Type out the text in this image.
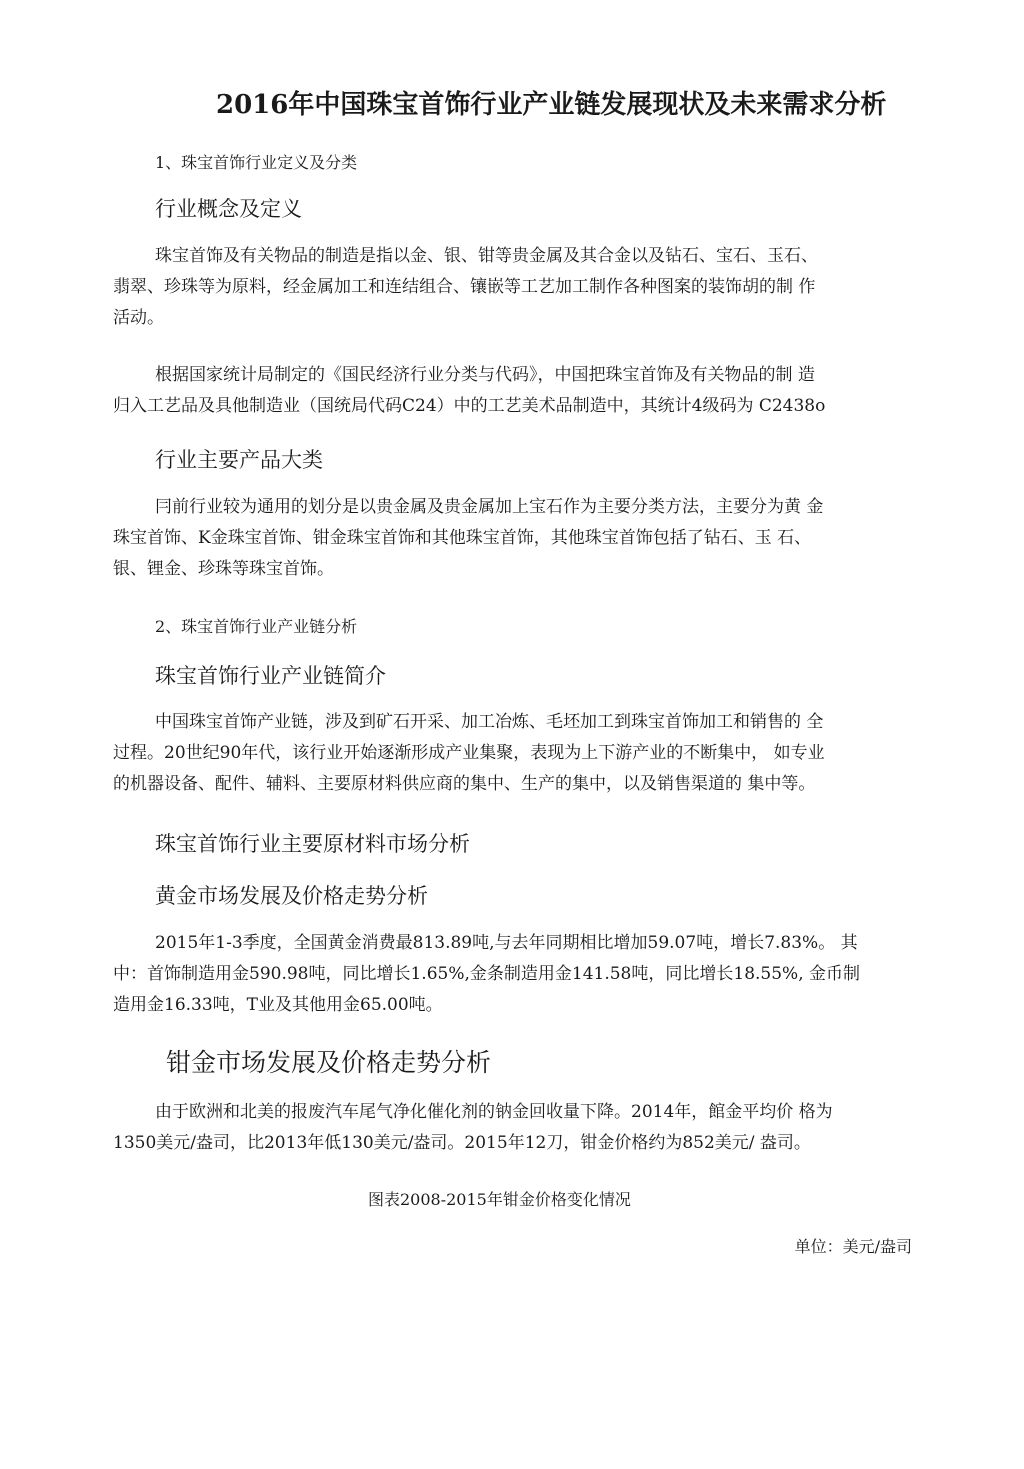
2016年中国珠宝首饰行业产业链发展现状及未来需求分析
1、珠宝首饰行业定义及分类
行业概念及定义
珠宝首饰及有关物品的制造是指以金、银、钳等贵金属及其合金以及钻石、宝石、玉石、
翡翠、珍珠等为原料，经金属加工和连结组合、镶嵌等工艺加工制作各种图案的装饰胡的制 作
活动。
根据国家统计局制定的《国民经济行业分类与代码》，中国把珠宝首饰及有关物品的制 造
归入工艺品及具他制造业（国统局代码C24）中的工艺美术品制造中，其统计4级码为 C2438o
行业主要产品大类
冃前行业较为通用的划分是以贵金属及贵金属加上宝石作为主要分类方法，主要分为黄 金
珠宝首饰、K金珠宝首饰、钳金珠宝首饰和其他珠宝首饰，其他珠宝首饰包括了钻石、玉 石、
银、锂金、珍珠等珠宝首饰。
2、珠宝首饰行业产业链分析
珠宝首饰行业产业链简介
中国珠宝首饰产业链，涉及到矿石开采、加工冶炼、毛坯加工到珠宝首饰加工和销售的 全
过程。20世纪90年代，该行业开始逐渐形成产业集聚，表现为上下游产业的不断集中， 如专业
的机器设备、配件、辅料、主要原材料供应商的集中、生产的集中，以及销售渠道的 集中等。
珠宝首饰行业主要原材料市场分析
黄金市场发展及价格走势分析
2015年1-3季度，全国黄金消费最813.89吨,与去年同期相比增加59.07吨，增长7.83%。 其
中：首饰制造用金590.98吨，同比增长1.65%,金条制造用金141.58吨，同比增长18.55%, 金币制
造用金16.33吨，T业及其他用金65.00吨。
钳金市场发展及价格走势分析
由于欧洲和北美的报废汽车尾气净化催化剂的钠金回收量下降。2014年，館金平均价 格为
1350美元/盎司，比2013年低130美元/盎司。2015年12刀，钳金价格约为852美元/ 盎司。
图表2008-2015年钳金价格变化情况
单位：美元/盎司
